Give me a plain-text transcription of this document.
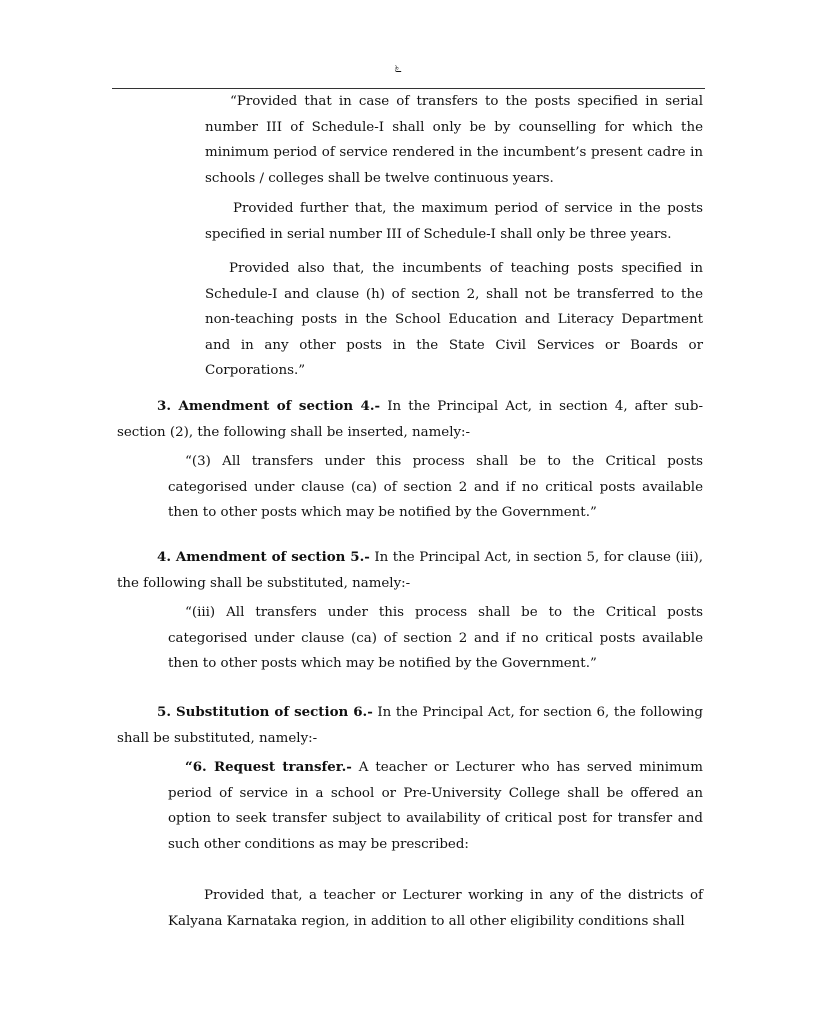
೬

“Provided that in case of transfers to the posts specified in serial number III of Schedule-I shall only be by counselling for which the minimum period of service rendered in the incumbent’s present cadre in schools / colleges shall be twelve continuous years.

Provided further that, the maximum period of service in the posts specified in serial number III of Schedule-I shall only be three years.

Provided also that, the incumbents of teaching posts specified in Schedule-I and clause (h) of section 2, shall not be transferred to the non-teaching posts in the School Education and Literacy Department and in any other posts in the State Civil Services or Boards or Corporations.”

3. Amendment of section 4.- In the Principal Act, in section 4, after sub-section (2), the following shall be inserted, namely:-

“(3) All transfers under this process shall be to the Critical posts categorised under clause (ca) of section 2 and if no critical posts available then to other posts which may be notified by the Government.”

4. Amendment of section 5.- In the Principal Act, in section 5, for clause (iii), the following shall be substituted, namely:-

“(iii) All transfers under this process shall be to the Critical posts categorised under clause (ca) of section 2 and if no critical posts available then to other posts which may be notified by the Government.”

5. Substitution of section 6.- In the Principal Act, for section 6, the following shall be substituted, namely:-

“6. Request transfer.- A teacher or Lecturer who has served minimum period of service in a school or Pre-University College shall be offered an option to seek transfer subject to availability of critical post for transfer and such other conditions as may be prescribed:

Provided that, a teacher or Lecturer working in any of the districts of Kalyana Karnataka region, in addition to all other eligibility conditions shall
